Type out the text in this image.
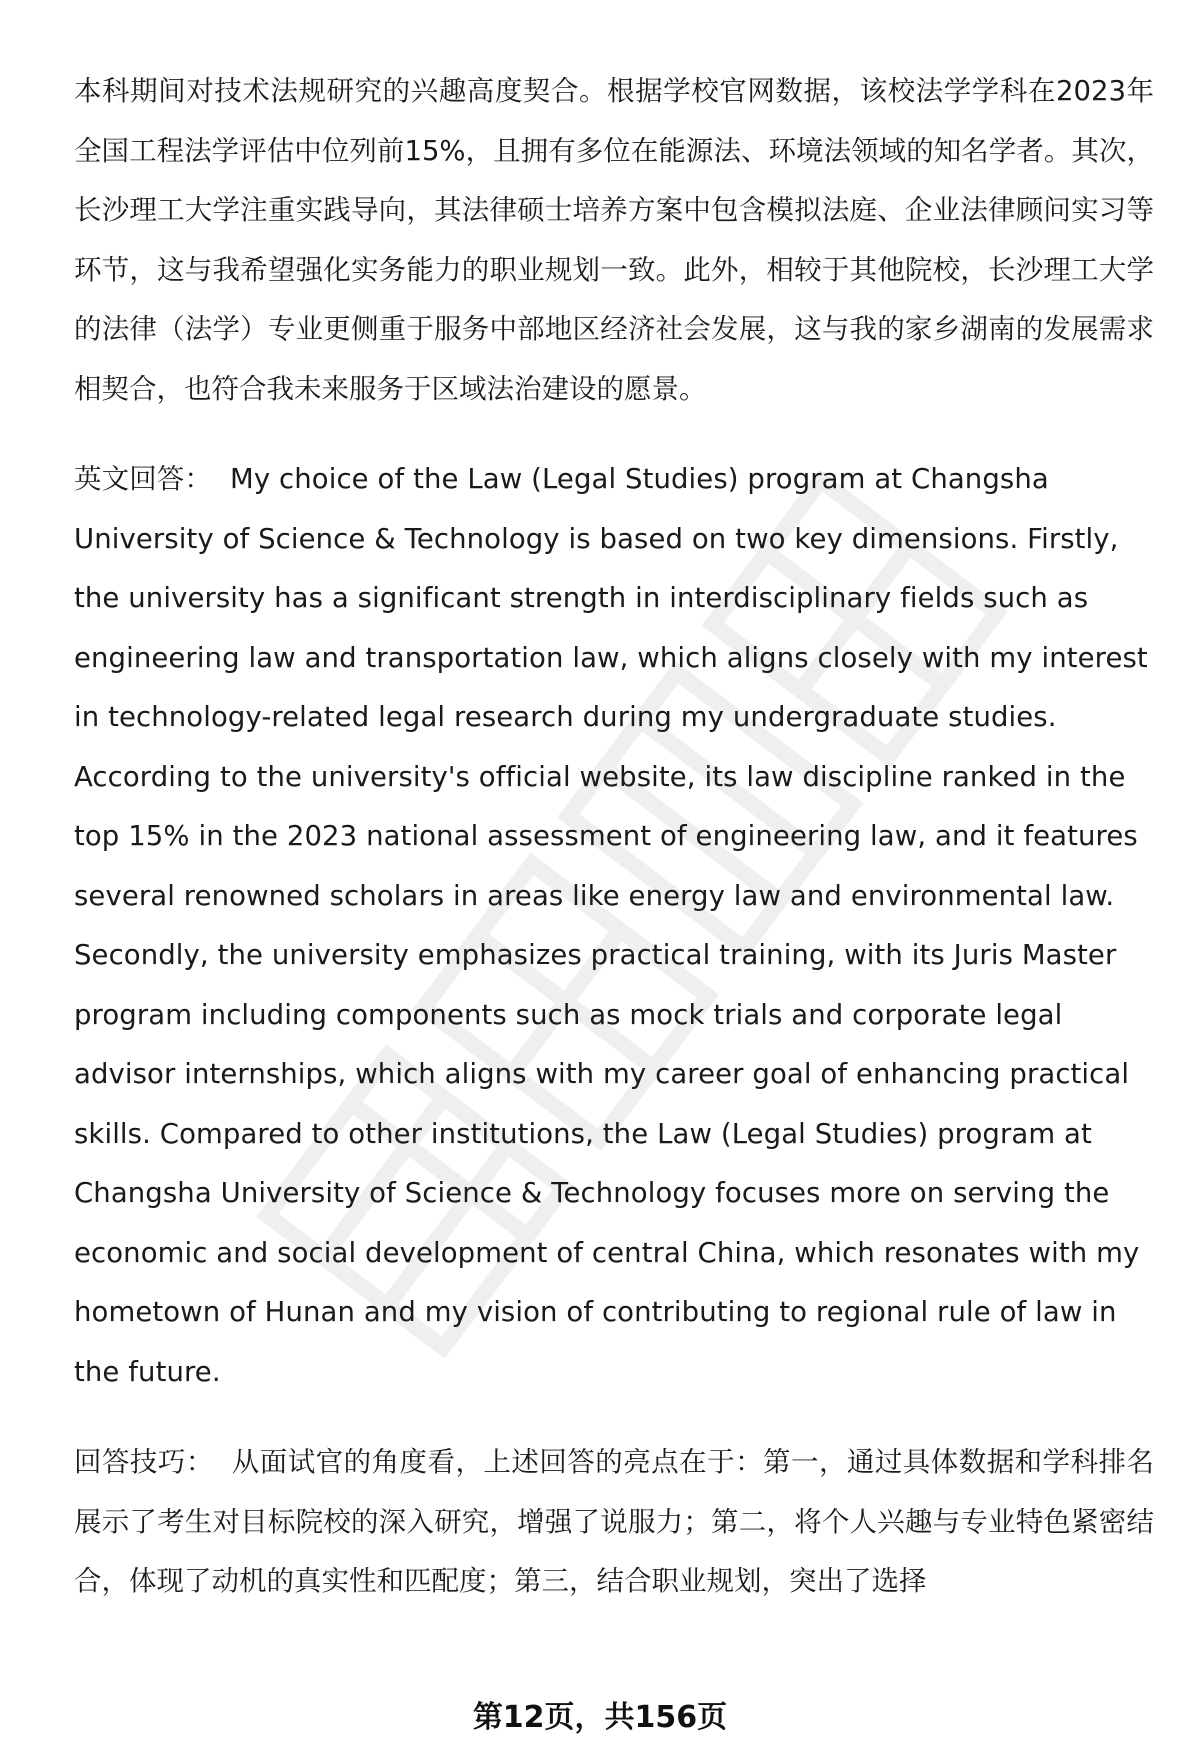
本科期间对技术法规研究的兴趣高度契合。根据学校官网数据，该校法学学科在2023年全国工程法学评估中位列前15%，且拥有多位在能源法、环境法领域的知名学者。其次，长沙理工大学注重实践导向，其法律硕士培养方案中包含模拟法庭、企业法律顾问实习等环节，这与我希望强化实务能力的职业规划一致。此外，相较于其他院校，长沙理工大学的法律（法学）专业更侧重于服务中部地区经济社会发展，这与我的家乡湖南的发展需求相契合，也符合我未来服务于区域法治建设的愿景。

英文回答： My choice of the Law (Legal Studies) program at Changsha University of Science & Technology is based on two key dimensions. Firstly, the university has a significant strength in interdisciplinary fields such as engineering law and transportation law, which aligns closely with my interest in technology-related legal research during my undergraduate studies. According to the university's official website, its law discipline ranked in the top 15% in the 2023 national assessment of engineering law, and it features several renowned scholars in areas like energy law and environmental law. Secondly, the university emphasizes practical training, with its Juris Master program including components such as mock trials and corporate legal advisor internships, which aligns with my career goal of enhancing practical skills. Compared to other institutions, the Law (Legal Studies) program at Changsha University of Science & Technology focuses more on serving the economic and social development of central China, which resonates with my hometown of Hunan and my vision of contributing to regional rule of law in the future.

回答技巧： 从面试官的角度看，上述回答的亮点在于：第一，通过具体数据和学科排名展示了考生对目标院校的深入研究，增强了说服力；第二，将个人兴趣与专业特色紧密结合，体现了动机的真实性和匹配度；第三，结合职业规划，突出了选择

第12页，共156页
